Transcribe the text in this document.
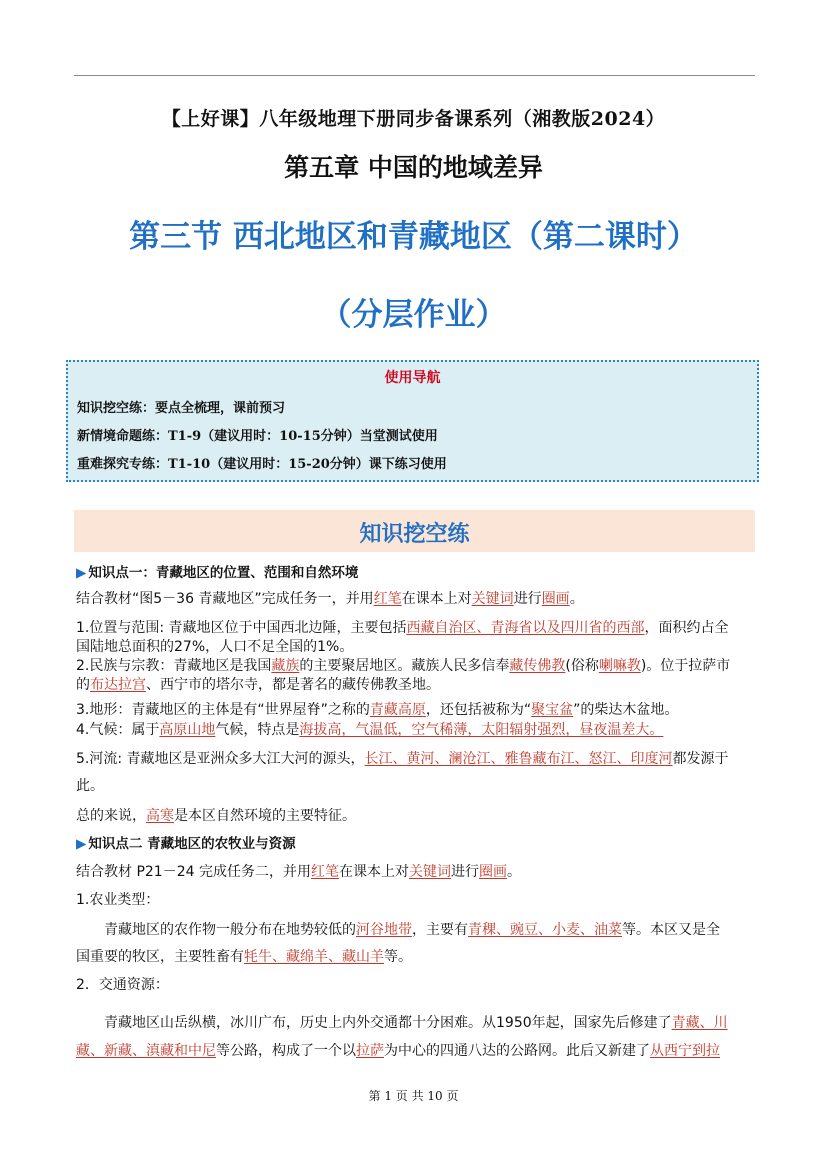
【上好课】八年级地理下册同步备课系列（湘教版2024）
第五章 中国的地域差异
第三节 西北地区和青藏地区（第二课时）
（分层作业）
使用导航
知识挖空练：要点全梳理，课前预习
新情境命题练：T1-9（建议用时：10-15分钟）当堂测试使用
重难探究专练：T1-10（建议用时：15-20分钟）课下练习使用
知识挖空练
▶ 知识点一：青藏地区的位置、范围和自然环境
结合教材“图5－36 青藏地区”完成任务一，并用红笔在课本上对关键词进行圈画。
1.位置与范围: 青藏地区位于中国西北边陲，主要包括西藏自治区、青海省以及四川省的西部，面积约占全
国陆地总面积的27%，人口不足全国的1%。
2.民族与宗教：青藏地区是我国藏族的主要聚居地区。藏族人民多信奉藏传佛教(俗称喇嘛教)。位于拉萨市
的布达拉宫、西宁市的塔尔寺，都是著名的藏传佛教圣地。
3.地形：青藏地区的主体是有“世界屋脊”之称的青藏高原，还包括被称为“聚宝盆”的柴达木盆地。
4.气候：属于高原山地气候，特点是海拔高，气温低，空气稀薄，太阳辐射强烈，昼夜温差大。
5.河流: 青藏地区是亚洲众多大江大河的源头，长江、黄河、澜沧江、雅鲁藏布江、怒江、印度河都发源于
此。
总的来说，高寒是本区自然环境的主要特征。
▶ 知识点二 青藏地区的农牧业与资源
结合教材 P21－24 完成任务二，并用红笔在课本上对关键词进行圈画。
1.农业类型：
青藏地区的农作物一般分布在地势较低的河谷地带，主要有青稞、豌豆、小麦、油菜等。本区又是全
国重要的牧区，主要牲畜有牦牛、藏绵羊、藏山羊等。
2．交通资源：
青藏地区山岳纵横，冰川广布，历史上内外交通都十分困难。从1950年起，国家先后修建了青藏、川
藏、新藏、滇藏和中尼等公路，构成了一个以拉萨为中心的四通八达的公路网。此后又新建了从西宁到拉
第 1 页 共 10 页
